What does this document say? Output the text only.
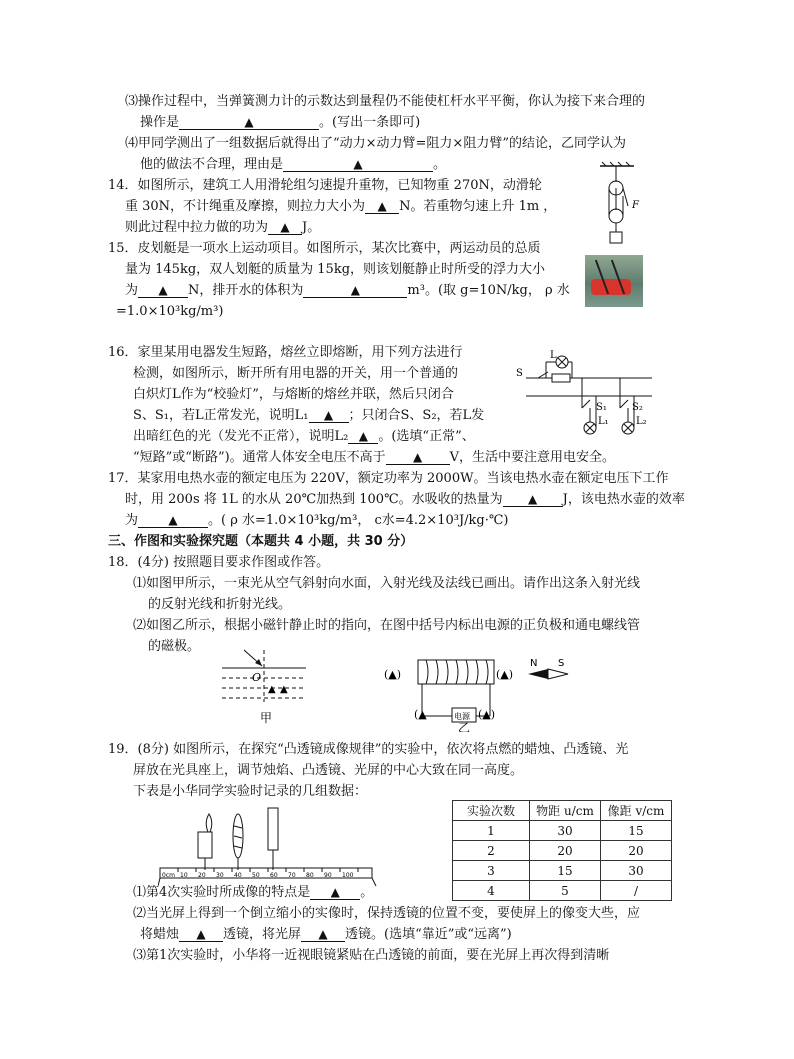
⑶操作过程中，当弹簧测力计的示数达到量程仍不能使杠杆水平平衡，你认为接下来合理的
操作是	▲	。(写出一条即可)
⑷甲同学测出了一组数据后就得出了“动力×动力臂=阻力×阻力臂”的结论，乙同学认为
他的做法不合理，理由是	▲	。
14．如图所示，建筑工人用滑轮组匀速提升重物，已知物重 270N，动滑轮
重 30N，不计绳重及摩擦，则拉力大小为 ▲ N。若重物匀速上升 1m ，
则此过程中拉力做的功为 ▲ J。
F
15．皮划艇是一项水上运动项目。如图所示，某次比赛中，两运动员的总质
量为 145kg，双人划艇的质量为 15kg，则该划艇静止时所受的浮力大小
为 ▲ N，排开水的体积为	▲	m³。(取 g=10N/kg， ρ 水
=1.0×10³kg/m³)
16．家里某用电器发生短路，熔丝立即熔断，用下列方法进行
检测，如图所示，断开所有用电器的开关，用一个普通的
白炽灯L作为“校验灯”，与熔断的熔丝并联，然后只闭合
S、S₁，若L正常发光，说明L₁ ▲ ；只闭合S、S₂，若L发
出暗红色的光（发光不正常），说明L₂ ▲ 。(选填“正常”、
“短路”或“断路”)。通常人体安全电压不高于 ▲ V，生活中要注意用电安全。
L
S
S₁	S₂
L₁	L₂
17．某家用电热水壶的额定电压为 220V，额定功率为 2000W。当该电热水壶在额定电压下工作
时，用 200s 将 1L 的水从 20℃加热到 100℃。水吸收的热量为 ▲ J，该电热水壶的效率
为	▲ 。( ρ 水=1.0×10³kg/m³， c水=4.2×10³J/kg·℃)
三、作图和实验探究题（本题共 4 小题，共 30 分）
18．(4分) 按照题目要求作图或作答。
⑴如图甲所示，一束光从空气斜射向水面，入射光线及法线已画出。请作出这条入射光线
的反射光线和折射光线。
⑵如图乙所示，根据小磁针静止时的指向，在图中括号内标出电源的正负极和通电螺线管
的磁极。
O
▲ ▲
甲
(▲)
电源
(▲)
(▲	(▲)
N S
乙
19．(8分) 如图所示，在探究“凸透镜成像规律”的实验中，依次将点燃的蜡烛、凸透镜、光
屏放在光具座上，调节烛焰、凸透镜、光屏的中心大致在同一高度。
下表是小华同学实验时记录的几组数据：
0cm 10 20 30 40 50 60 70 80 90 100
实验次数	物距 u/cm	像距 v/cm
1	30	15
2	20	20
3	15	30
4	5	/
⑴第4次实验时所成像的特点是 ▲ 。
⑵当光屏上得到一个倒立缩小的实像时，保持透镜的位置不变，要使屏上的像变大些，应
将蜡烛 ▲ 透镜，将光屏 ▲ 透镜。(选填“靠近”或“远离”)
⑶第1次实验时，小华将一近视眼镜紧贴在凸透镜的前面，要在光屏上再次得到清晰
